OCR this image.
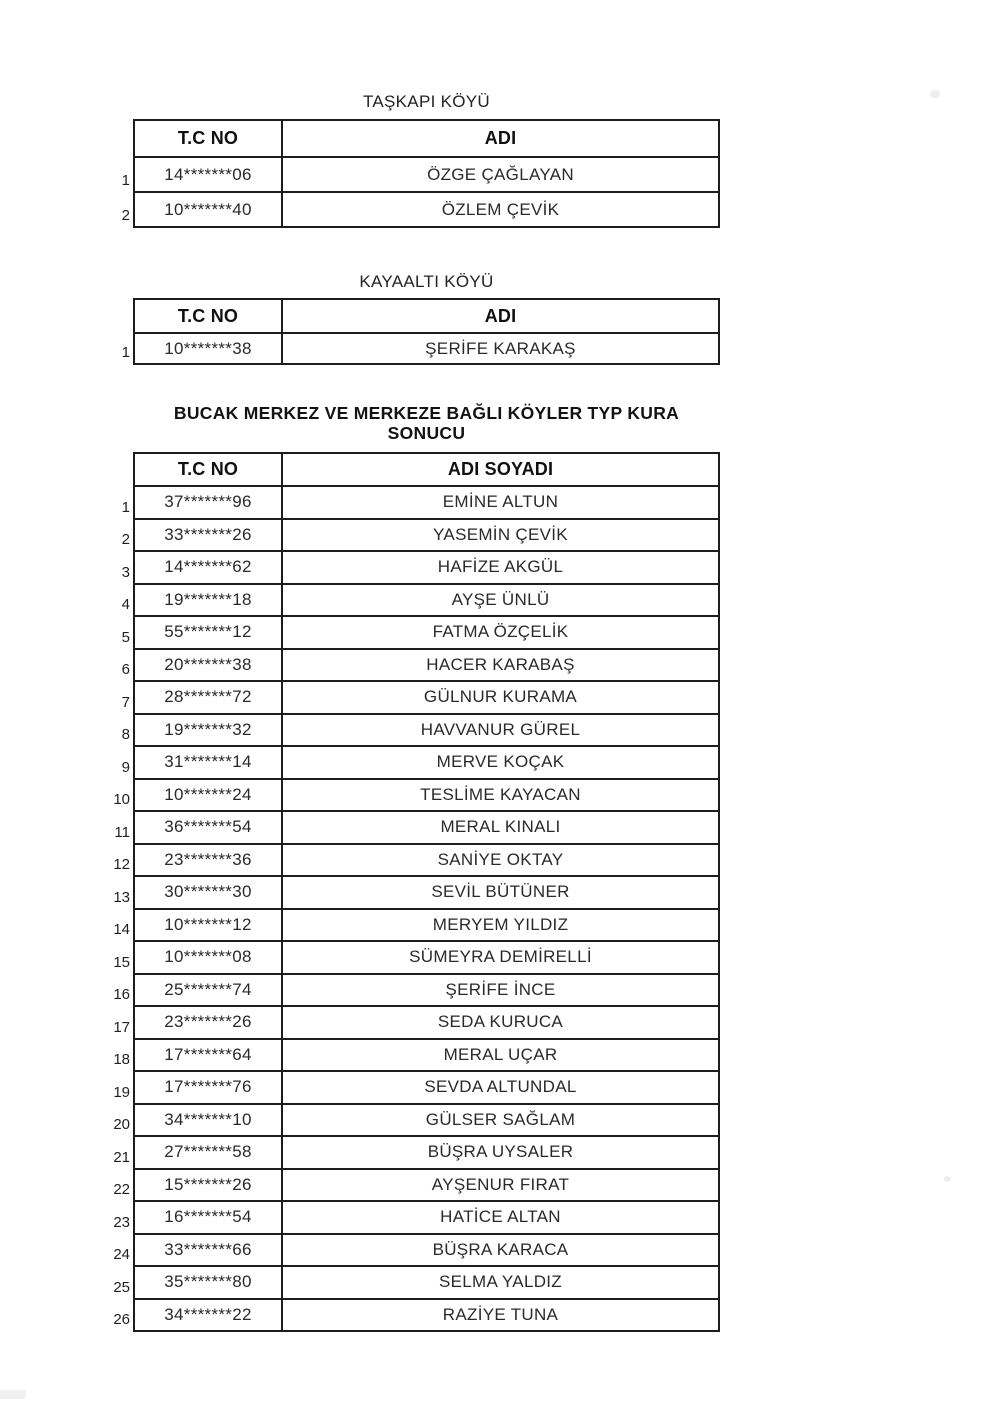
TAŞKAPI KÖYÜ
T.C NO	ADI

1 14*******06	ÖZGE ÇAĞLAYAN

2 10*******40	ÖZLEM ÇEVİK
KAYAALTI KÖYÜ
T.C NO	ADI

1 10*******38	ŞERİFE KARAKAŞ
BUCAK MERKEZ VE MERKEZE BAĞLI KÖYLER TYP KURA SONUCU
T.C NO	ADI SOYADI

1 37*******96	EMİNE ALTUN

2 33*******26	YASEMİN ÇEVİK

3 14*******62	HAFİZE AKGÜL

4 19*******18	AYŞE ÜNLÜ

5 55*******12	FATMA ÖZÇELİK

6 20*******38	HACER KARABAŞ

7 28*******72	GÜLNUR KURAMA

8 19*******32	HAVVANUR GÜREL

9 31*******14	MERVE KOÇAK

10 10*******24	TESLİME KAYACAN

11 36*******54	MERAL KINALI

12 23*******36	SANİYE OKTAY

13 30*******30	SEVİL BÜTÜNER

14 10*******12	MERYEM YILDIZ

15 10*******08	SÜMEYRA DEMİRELLİ

16 25*******74	ŞERİFE İNCE

17 23*******26	SEDA KURUCA

18 17*******64	MERAL UÇAR

19 17*******76	SEVDA ALTUNDAL

20 34*******10	GÜLSER SAĞLAM

21 27*******58	BÜŞRA UYSALER

22 15*******26	AYŞENUR FIRAT

23 16*******54	HATİCE ALTAN

24 33*******66	BÜŞRA KARACA

25 35*******80	SELMA YALDIZ

26 34*******22	RAZİYE TUNA
